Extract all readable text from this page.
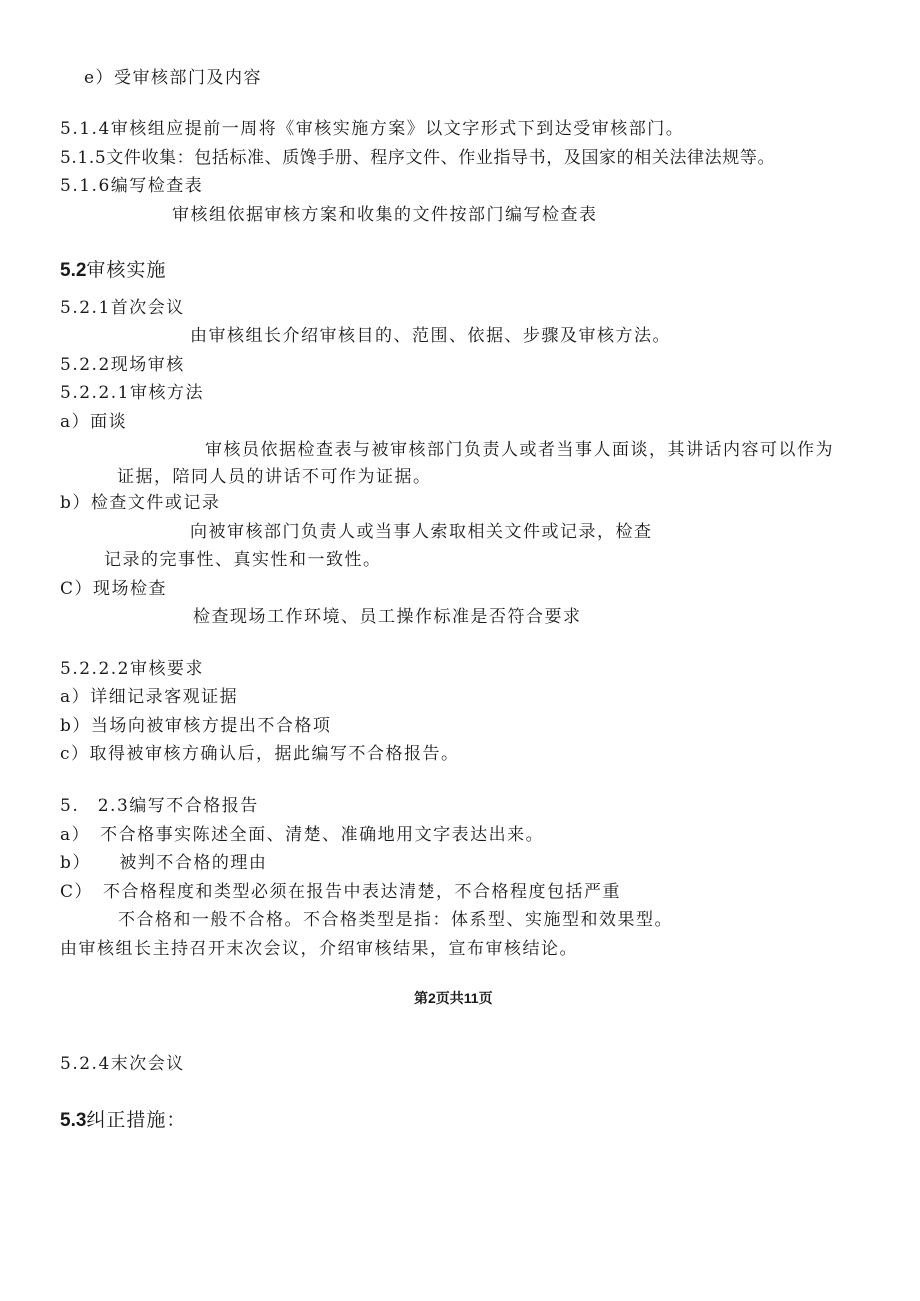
e）受审核部门及内容
5.1.4审核组应提前一周将《审核实施方案》以文字形式下到达受审核部门。
5.1.5文件收集：包括标准、质馋手册、程序文件、作业指导书，及国家的相关法律法规等。
5.1.6编写检查表
审核组依据审核方案和收集的文件按部门编写检查表
5.2审核实施
5.2.1首次会议
由审核组长介绍审核目的、范围、依据、步骤及审核方法。
5.2.2现场审核
5.2.2.1审核方法
a）面谈
审核员依据检查表与被审核部门负责人或者当事人面谈，其讲话内容可以作为
证据，陪同人员的讲话不可作为证据。
b）检查文件或记录
向被审核部门负责人或当事人索取相关文件或记录，检查
记录的完事性、真实性和一致性。
C）现场检查
检查现场工作环境、员工操作标准是否符合要求
5.2.2.2审核要求
a）详细记录客观证据
b）当场向被审核方提出不合格项
c）取得被审核方确认后，据此编写不合格报告。
5.　2.3编写不合格报告
a）　不合格事实陈述全面、清楚、准确地用文字表达出来。
b）　　被判不合格的理由
C）　不合格程度和类型必须在报告中表达清楚，不合格程度包括严重
不合格和一般不合格。不合格类型是指：体系型、实施型和效果型。
由审核组长主持召开末次会议，介绍审核结果，宣布审核结论。
第2页共11页
5.2.4末次会议
5.3纠正措施：
